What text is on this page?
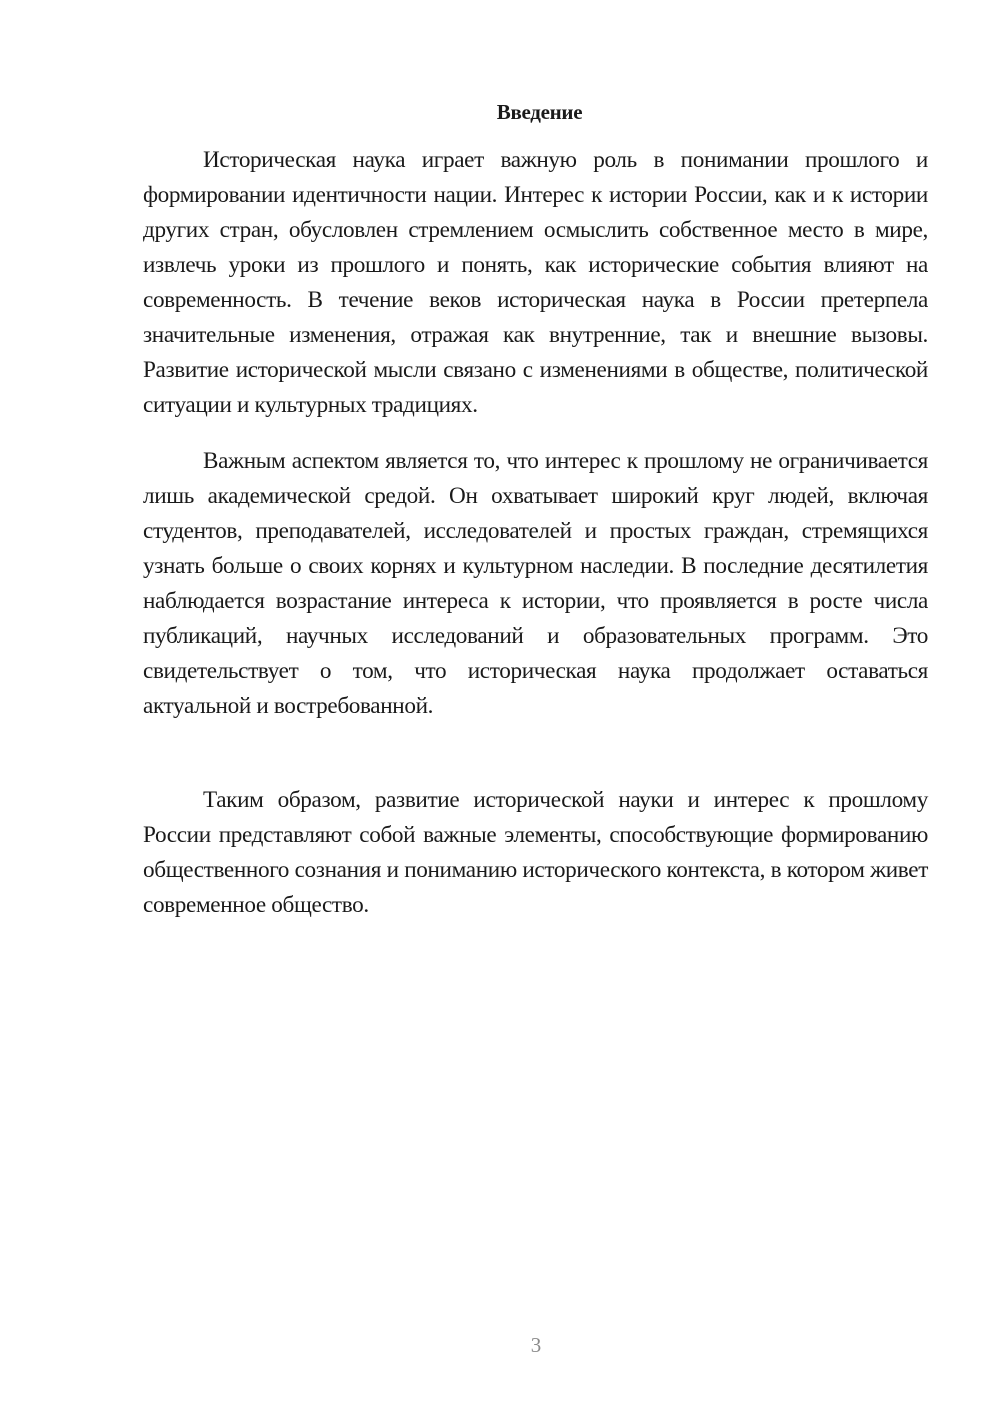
Введение

Историческая наука играет важную роль в понимании прошлого и формировании идентичности нации. Интерес к истории России, как и к истории других стран, обусловлен стремлением осмыслить собственное место в мире, извлечь уроки из прошлого и понять, как исторические события влияют на современность. В течение веков историческая наука в России претерпела значительные изменения, отражая как внутренние, так и внешние вызовы. Развитие исторической мысли связано с изменениями в обществе, политической ситуации и культурных традициях.

Важным аспектом является то, что интерес к прошлому не ограничивается лишь академической средой. Он охватывает широкий круг людей, включая студентов, преподавателей, исследователей и простых граждан, стремящихся узнать больше о своих корнях и культурном наследии. В последние десятилетия наблюдается возрастание интереса к истории, что проявляется в росте числа публикаций, научных исследований и образовательных программ. Это свидетельствует о том, что историческая наука продолжает оставаться актуальной и востребованной.

Таким образом, развитие исторической науки и интерес к прошлому России представляют собой важные элементы, способствующие формированию общественного сознания и пониманию исторического контекста, в котором живет современное общество.

3
